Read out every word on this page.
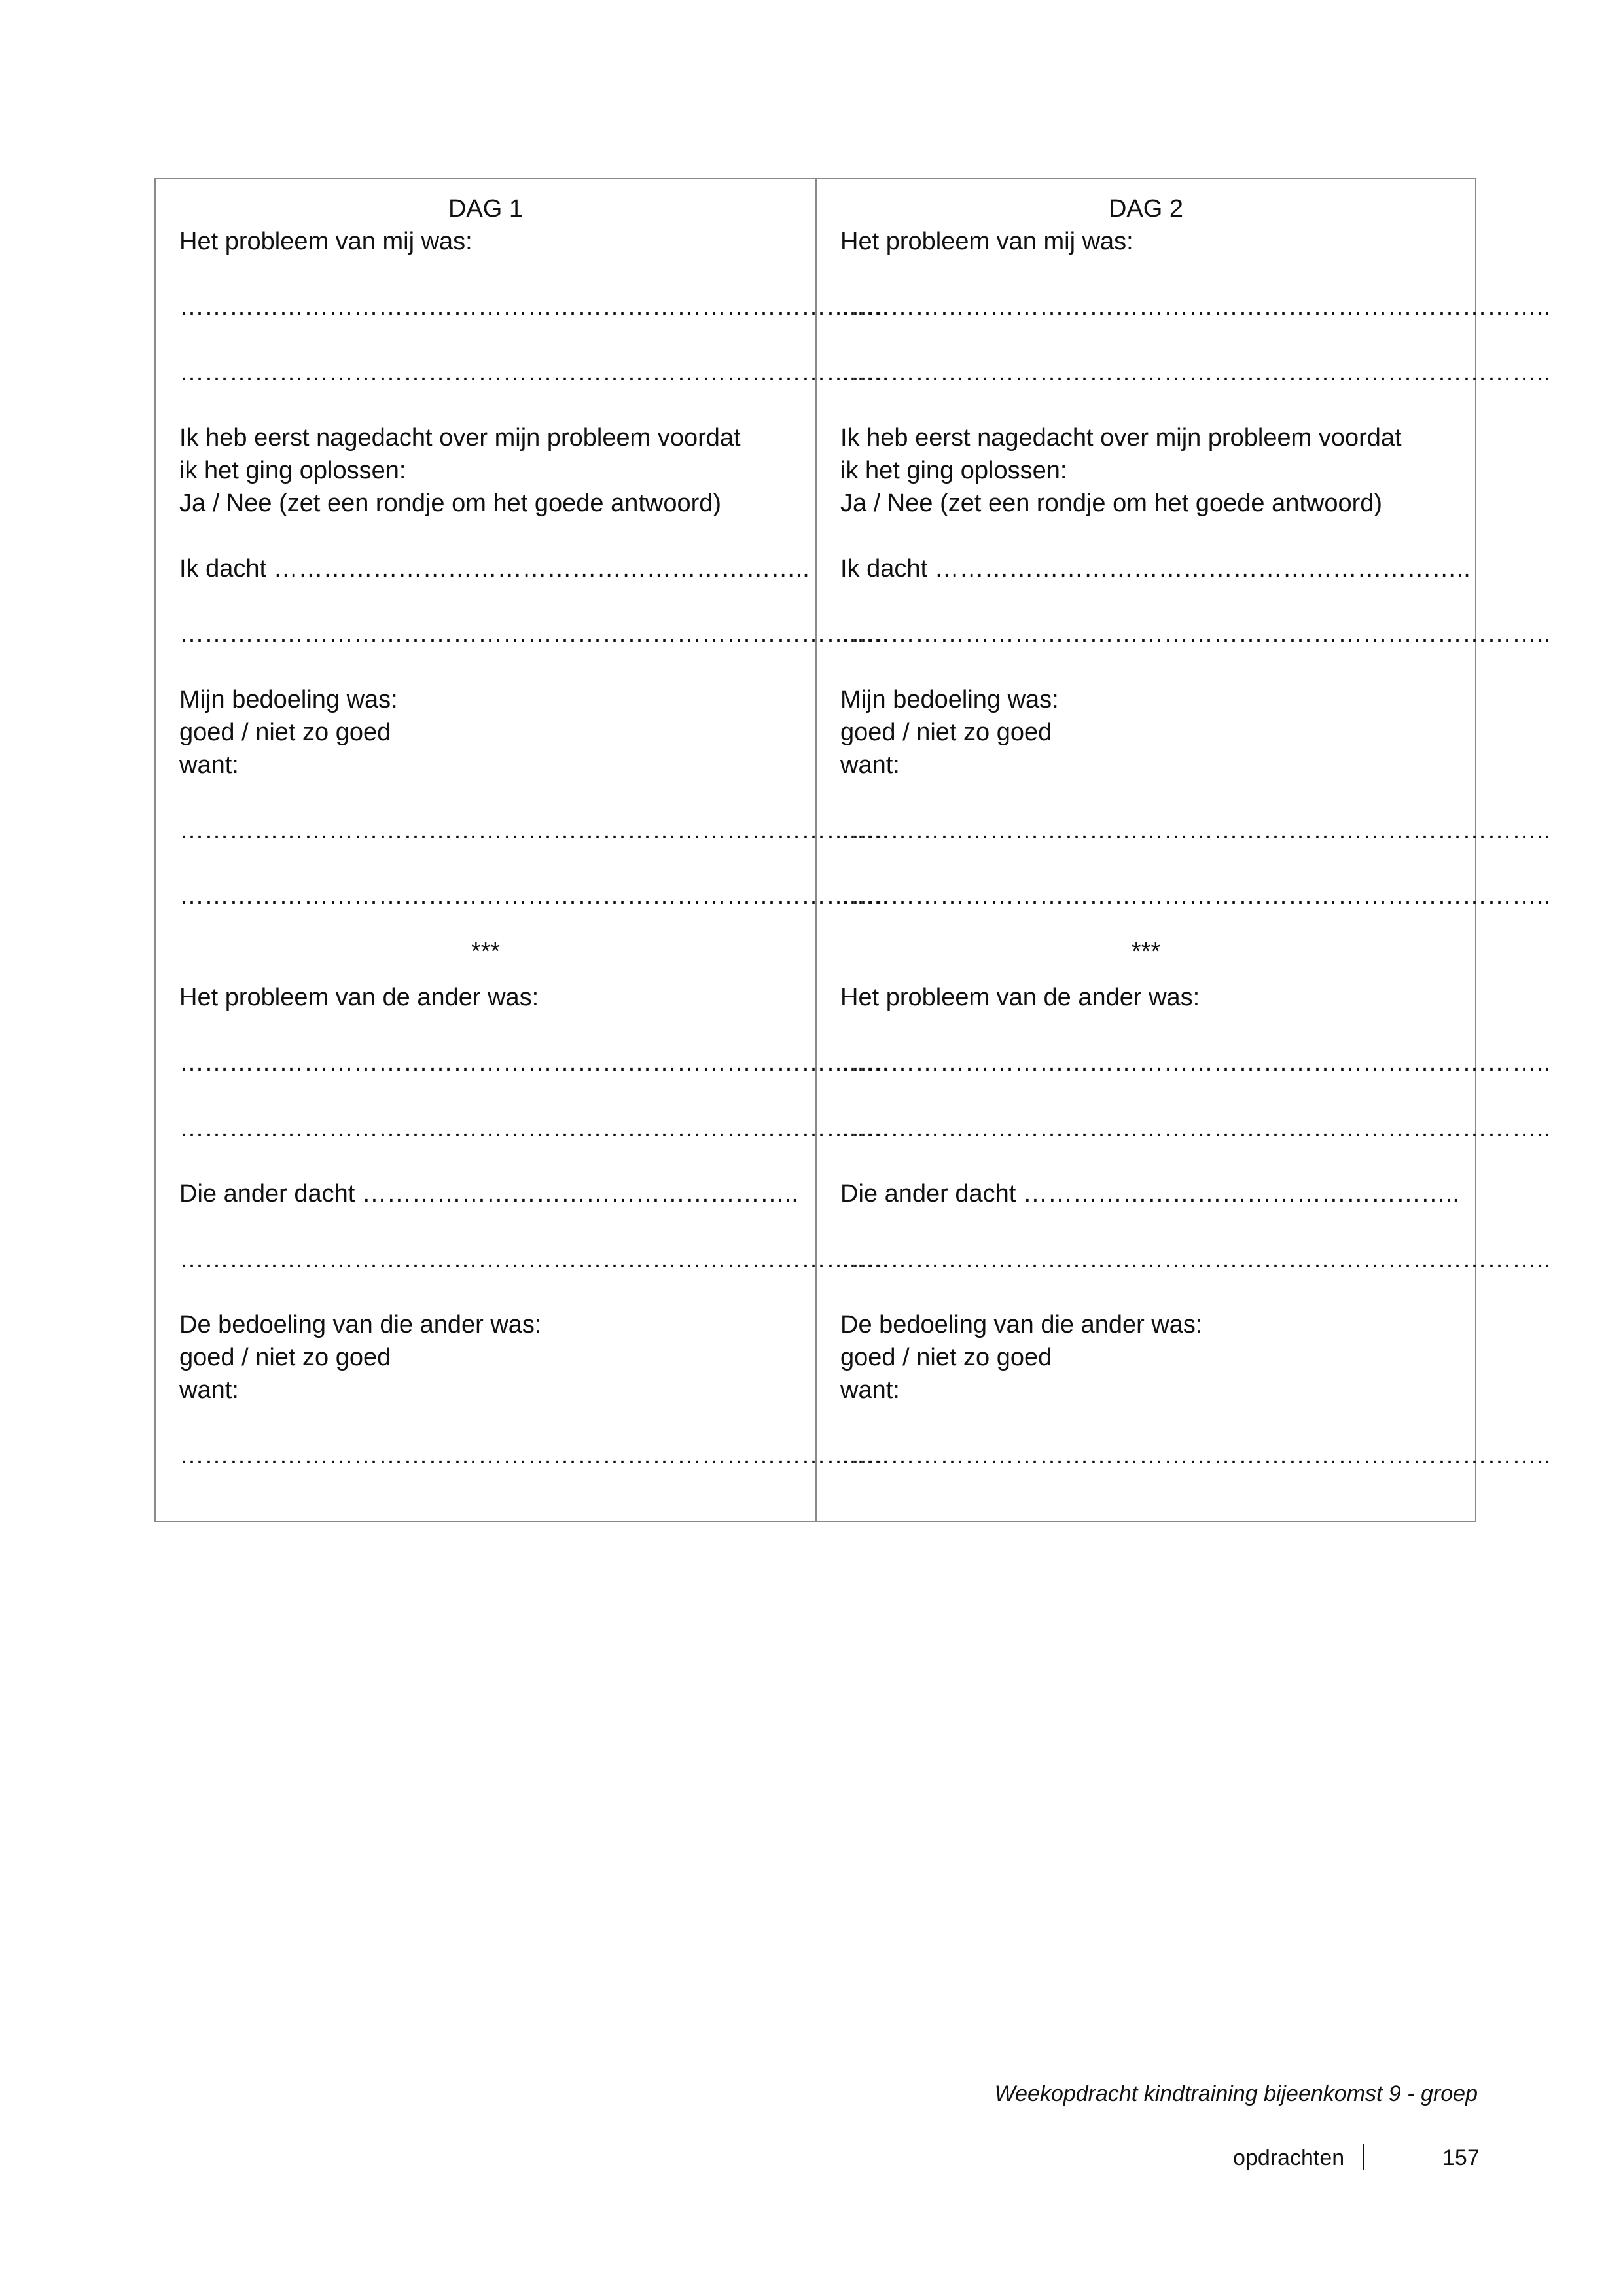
DAG 1
Het probleem van mij was:
…………………………………………………………………………..
…………………………………………………………………………..
Ik heb eerst nagedacht over mijn probleem voordat
ik het ging oplossen:
Ja / Nee (zet een rondje om het goede antwoord)
Ik dacht ………………………………………………………..
…………………………………………………………………………..
Mijn bedoeling was:
goed / niet zo goed
want:
…………………………………………………………………………..
…………………………………………………………………………..
***
Het probleem van de ander was:
…………………………………………………………………………..
…………………………………………………………………………..
Die ander dacht ……………………………………………..
…………………………………………………………………………..
De bedoeling van die ander was:
goed / niet zo goed
want:
…………………………………………………………………………..
DAG 2
Het probleem van mij was:
…………………………………………………………………………..
…………………………………………………………………………..
Ik heb eerst nagedacht over mijn probleem voordat
ik het ging oplossen:
Ja / Nee (zet een rondje om het goede antwoord)
Ik dacht ………………………………………………………..
…………………………………………………………………………..
Mijn bedoeling was:
goed / niet zo goed
want:
…………………………………………………………………………..
…………………………………………………………………………..
***
Het probleem van de ander was:
…………………………………………………………………………..
…………………………………………………………………………..
Die ander dacht ……………………………………………..
…………………………………………………………………………..
De bedoeling van die ander was:
goed / niet zo goed
want:
…………………………………………………………………………..
Weekopdracht kindtraining bijeenkomst 9 - groep
opdrachten	157
